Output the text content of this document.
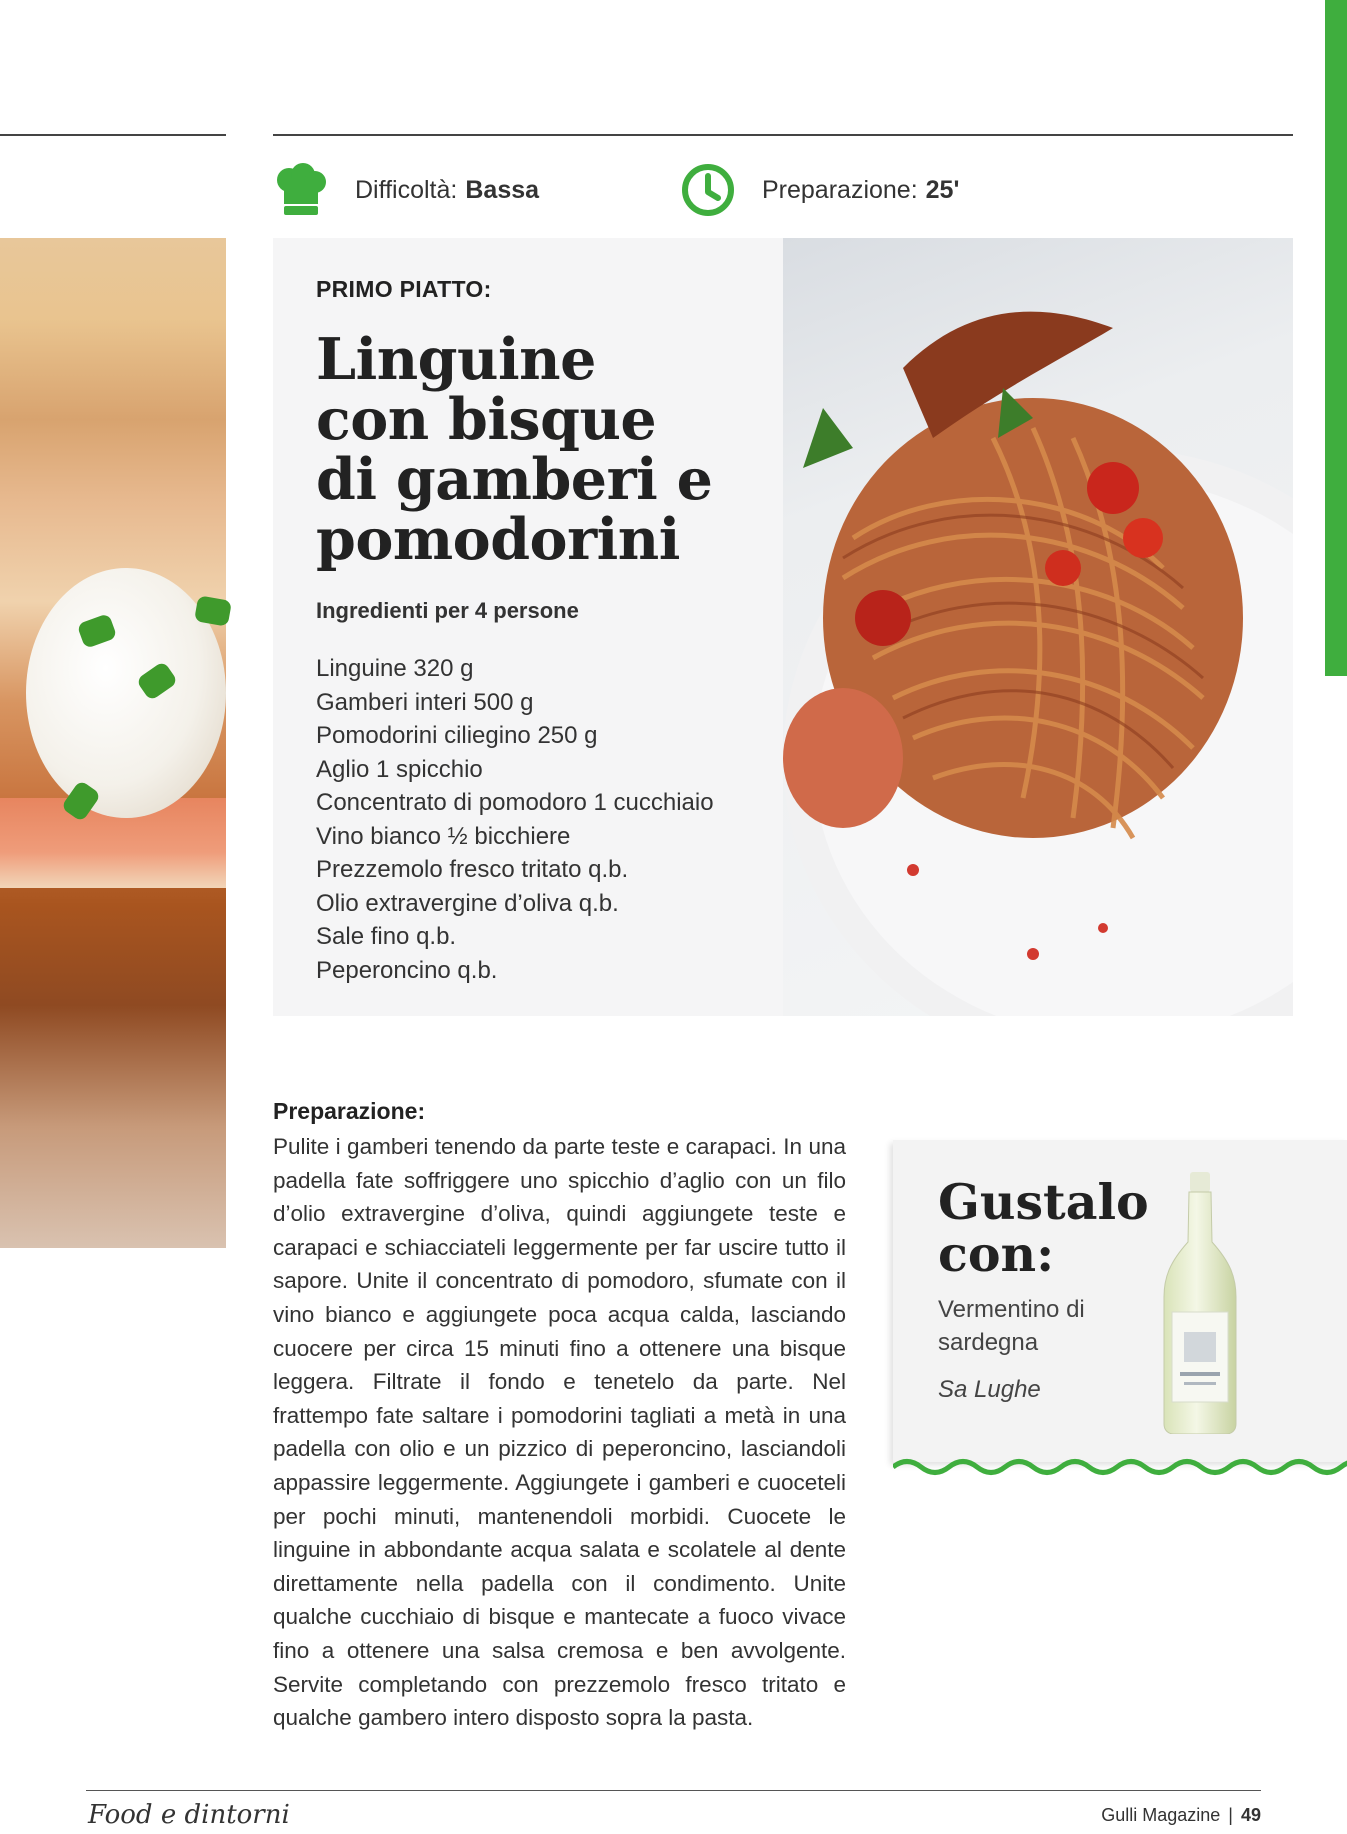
Difficoltà: Bassa	Preparazione: 25'
PRIMO PIATTO:
Linguine
con bisque
di gamberi e
pomodorini
Ingredienti per 4 persone
Linguine 320 g
Gamberi interi 500 g
Pomodorini ciliegino 250 g
Aglio 1 spicchio
Concentrato di pomodoro 1 cucchiaio
Vino bianco ½ bicchiere
Prezzemolo fresco tritato q.b.
Olio extravergine d’oliva q.b.
Sale fino q.b.
Peperoncino q.b.
Preparazione:

Pulite i gamberi tenendo da parte teste e carapaci. In una padella fate soffriggere uno spicchio d’aglio con un filo d’olio extravergine d’oliva, quindi aggiungete teste e carapaci e schiacciateli leggermente per far uscire tutto il sapore. Unite il concentrato di pomodoro, sfumate con il vino bianco e aggiungete poca acqua calda, lasciando cuocere per circa 15 minuti fino a ottenere una bisque leggera. Filtrate il fondo e tenetelo da parte. Nel frattempo fate saltare i pomodorini tagliati a metà in una padella con olio e un pizzico di peperoncino, lasciandoli appassire leggermente. Aggiungete i gamberi e cuoceteli per pochi minuti, mantenendoli morbidi. Cuocete le linguine in abbondante acqua salata e scolatele al dente direttamente nella padella con il condimento. Unite qualche cucchiaio di bisque e mantecate a fuoco vivace fino a ottenere una salsa cremosa e ben avvolgente. Servite completando con prezzemolo fresco tritato e qualche gambero intero disposto sopra la pasta.

Gustalo
con:
Vermentino di sardegna
Sa Lughe
Food e dintorni	Gulli Magazine | 49
